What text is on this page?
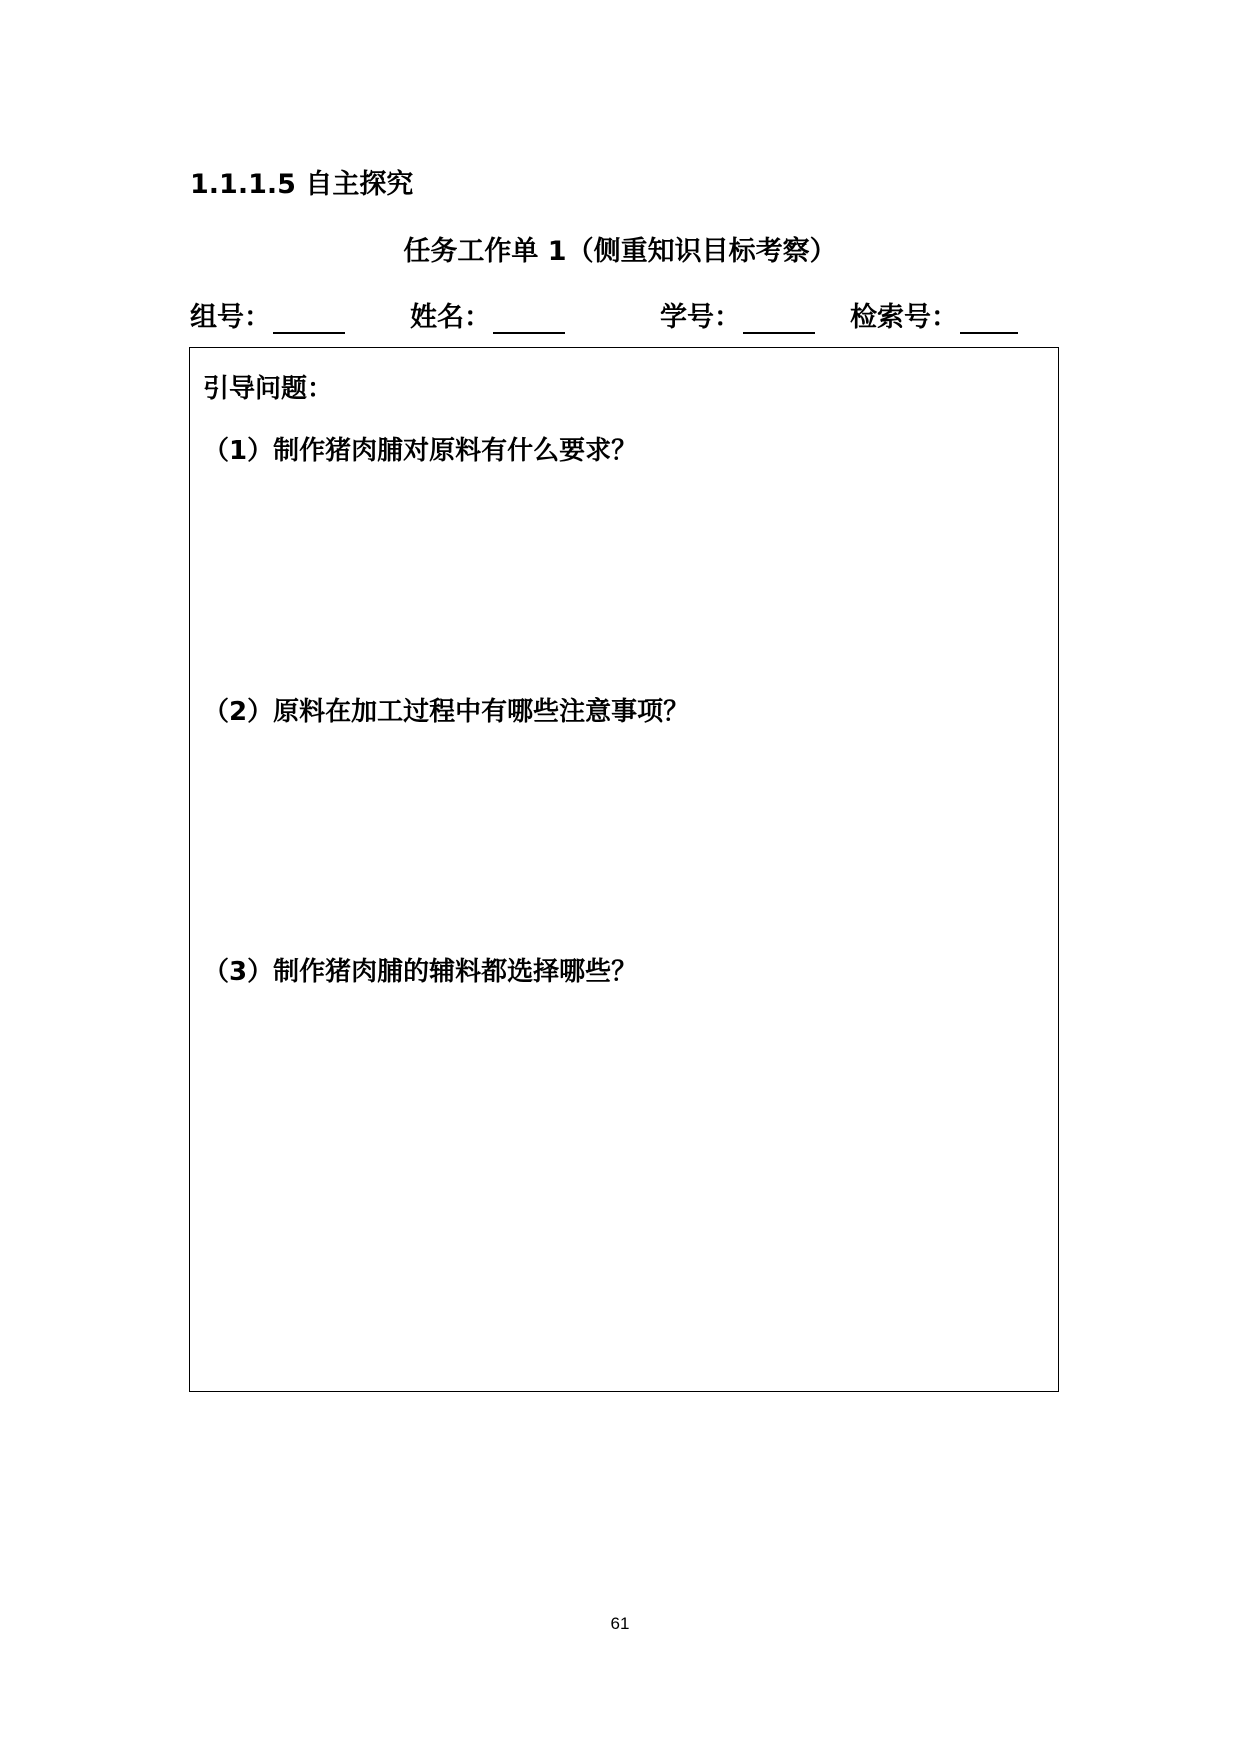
1.1.1.5 自主探究
任务工作单 1（侧重知识目标考察）
组号：	姓名：	学号：	检索号：
引导问题：
（1）制作猪肉脯对原料有什么要求？
（2）原料在加工过程中有哪些注意事项？
（3）制作猪肉脯的辅料都选择哪些？
61
